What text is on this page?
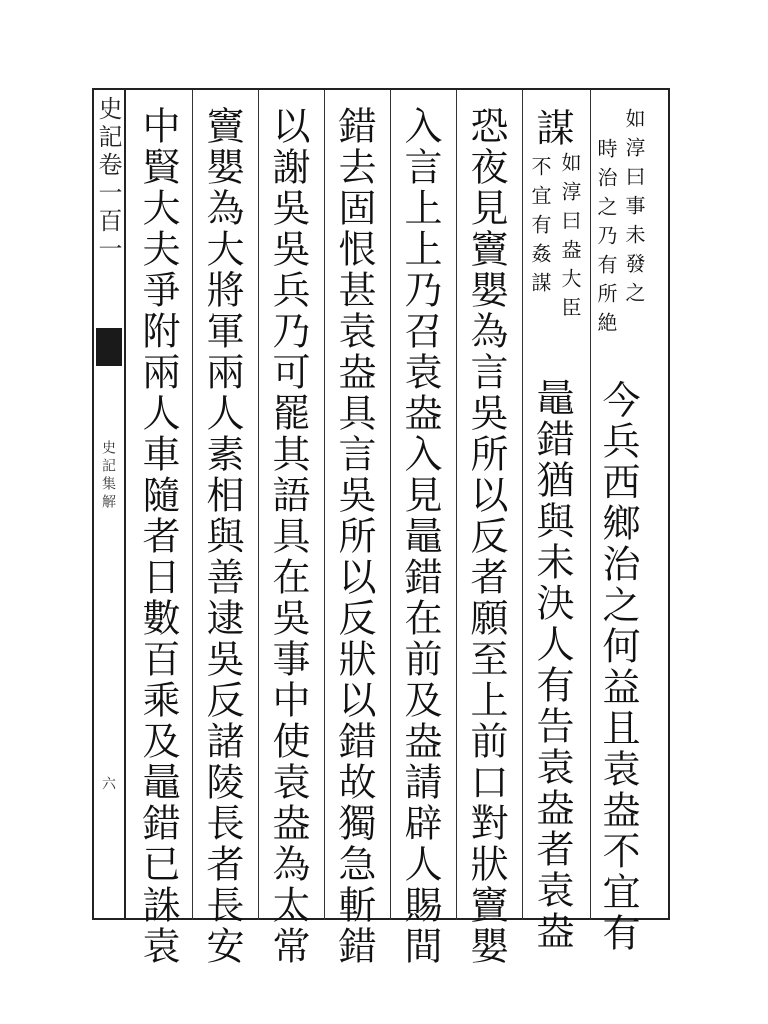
史記卷一百一
史記集解
六
如淳曰事未發之
時治之乃有所絶
今兵西鄉治之何益且袁盎不宜有
謀
如淳曰盎大臣
不宜有姦謀
鼂錯猶與未決人有告袁盎者袁盎
恐夜見竇嬰為言吳所以反者願至上前口對狀竇嬰
入言上上乃召袁盎入見鼂錯在前及盎請辟人賜間
錯去固恨甚袁盎具言吳所以反狀以錯故獨急斬錯
以謝吳吳兵乃可罷其語具在吳事中使袁盎為太常
竇嬰為大將軍兩人素相與善逮吳反諸陵長者長安
中賢大夫爭附兩人車隨者日數百乘及鼂錯已誅袁
